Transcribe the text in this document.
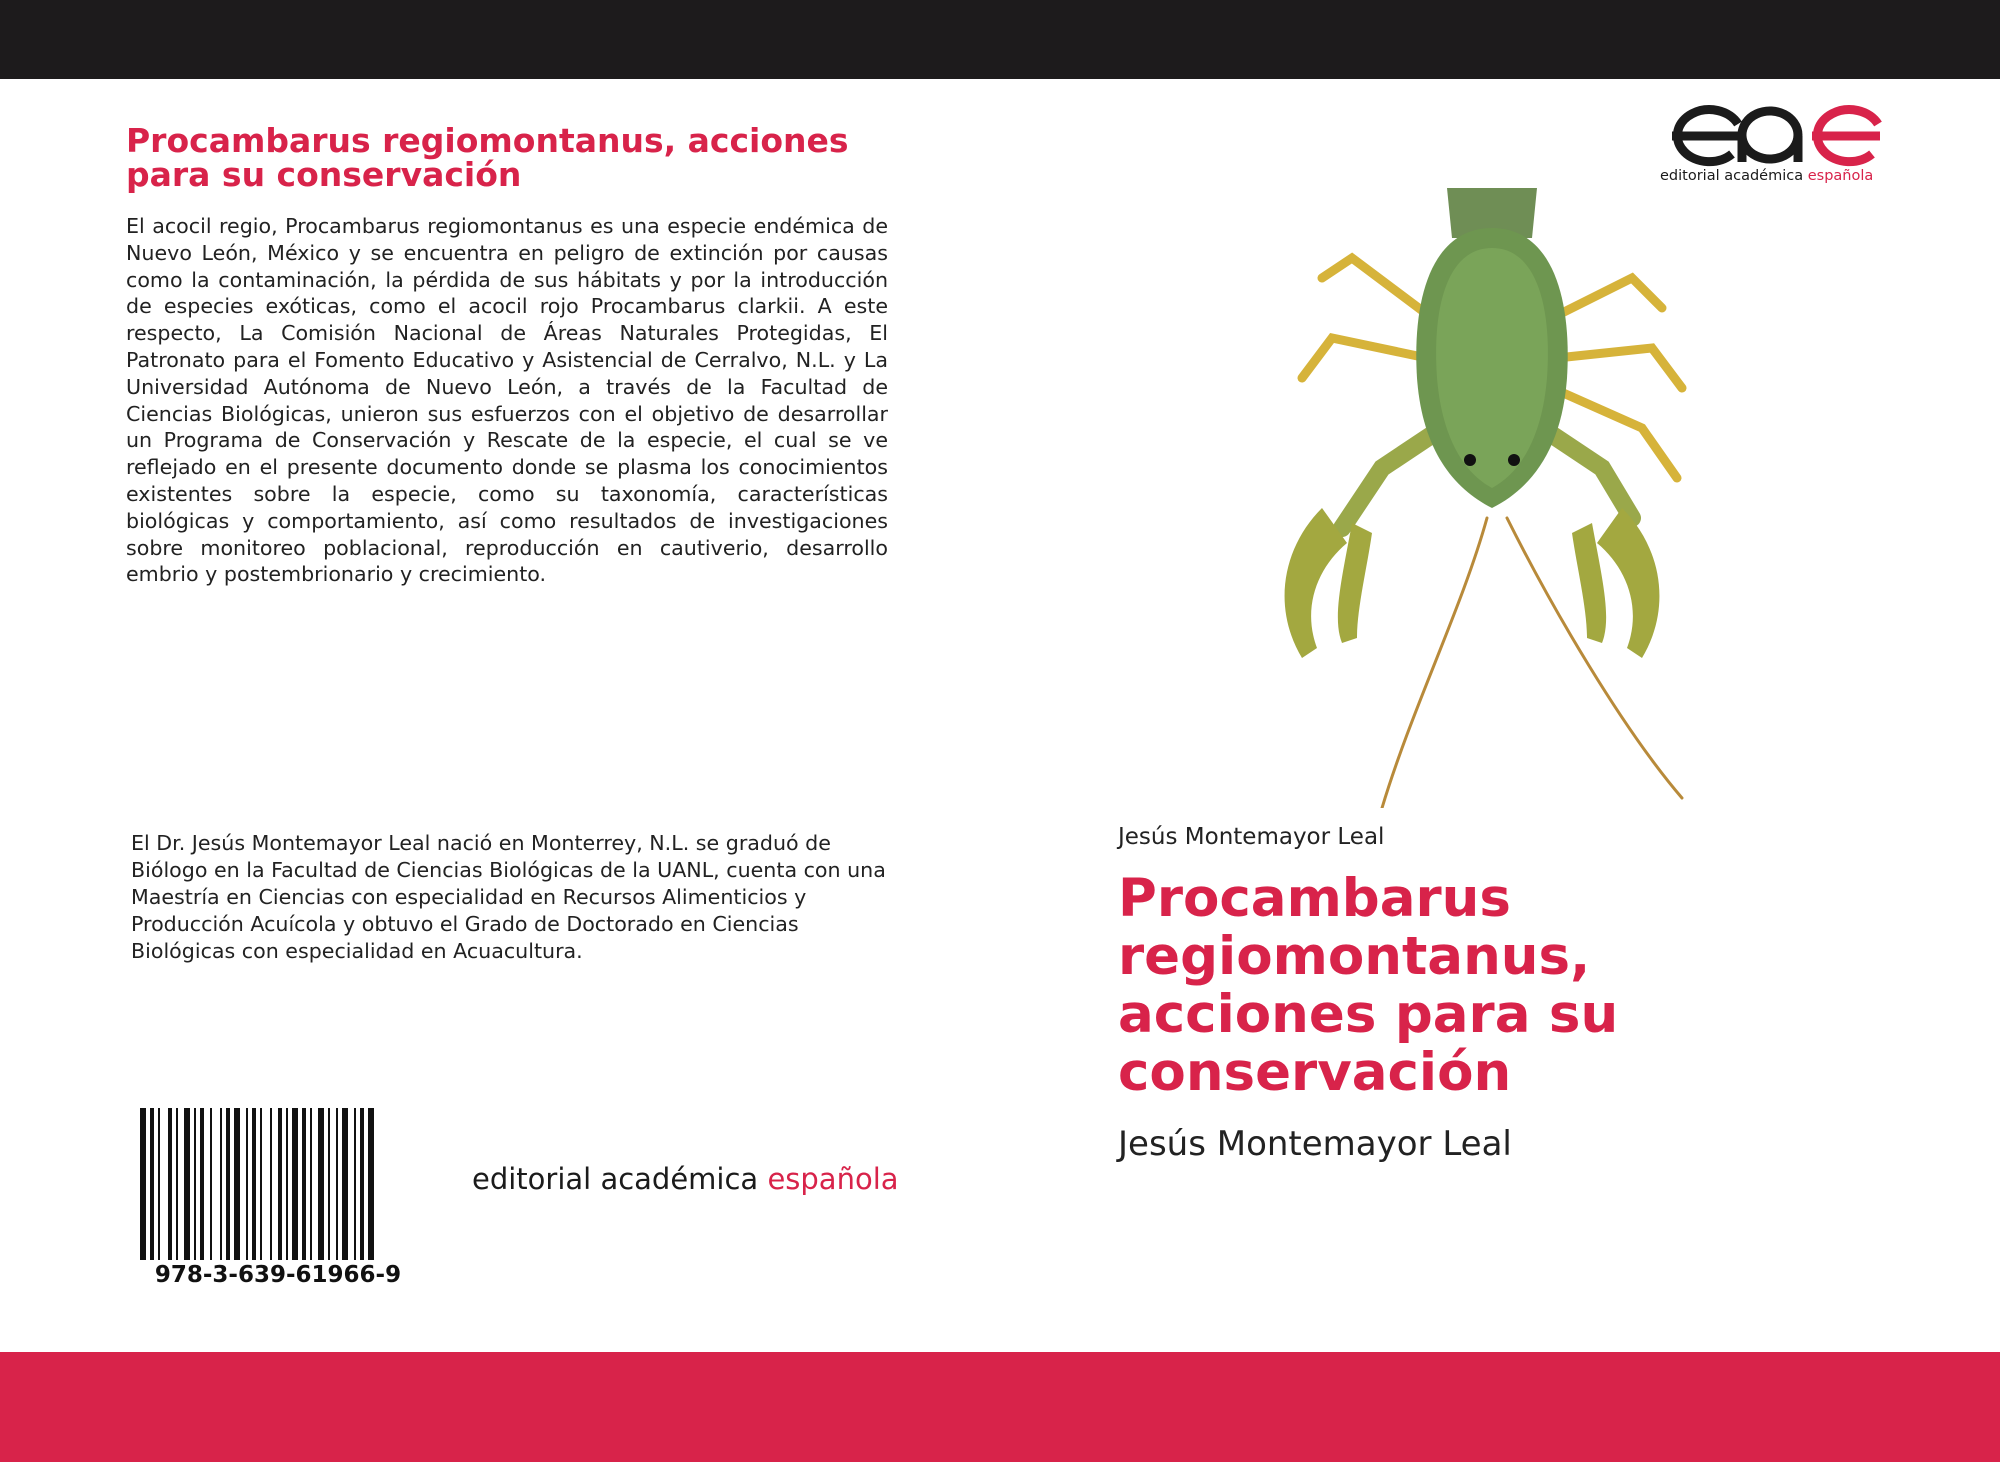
Procambarus regiomontanus, acciones para su conservación

El acocil regio, Procambarus regiomontanus es una especie endémica de Nuevo León, México y se encuentra en peligro de extinción por causas como la contaminación, la pérdida de sus hábitats y por la introducción de especies exóticas, como el acocil rojo Procambarus clarkii. A este respecto, La Comisión Nacional de Áreas Naturales Protegidas, El Patronato para el Fomento Educativo y Asistencial de Cerralvo, N.L. y La Universidad Autónoma de Nuevo León, a través de la Facultad de Ciencias Biológicas, unieron sus esfuerzos con el objetivo de desarrollar un Programa de Conservación y Rescate de la especie, el cual se ve reflejado en el presente documento donde se plasma los conocimientos existentes sobre la especie, como su taxonomía, características biológicas y comportamiento, así como resultados de investigaciones sobre monitoreo poblacional, reproducción en cautiverio, desarrollo embrio y postembrionario y crecimiento.

El Dr. Jesús Montemayor Leal nació en Monterrey, N.L. se graduó de Biólogo en la Facultad de Ciencias Biológicas de la UANL, cuenta con una Maestría en Ciencias con especialidad en Recursos Alimenticios y Producción Acuícola y obtuvo el Grado de Doctorado en Ciencias Biológicas con especialidad en Acuacultura.

978-3-639-61966-9
editorial académica española
editorial académica española
Jesús Montemayor Leal
Procambarus regiomontanus, acciones para su conservación
Jesús Montemayor Leal
